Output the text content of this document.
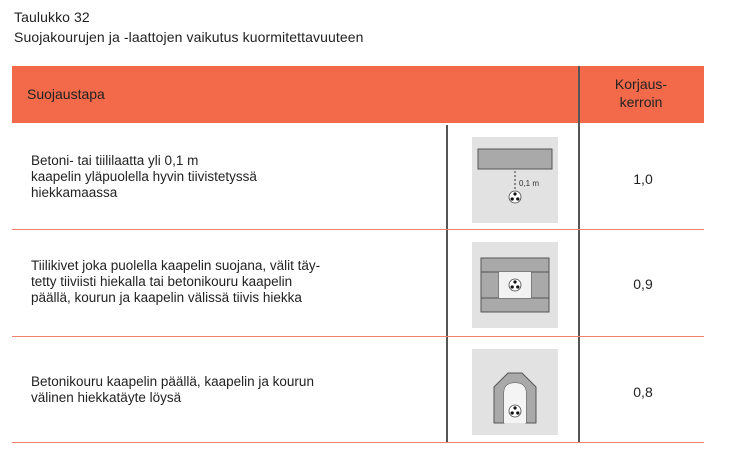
Taulukko 32
Suojakourujen ja -laattojen vaikutus kuormitettavuuteen
Suojaustapa
Korjaus-
kerroin
Betoni- tai tiililaatta yli 0,1 m
kaapelin yläpuolella hyvin tiivistetyssä
hiekkamaassa
0,1 m	1,0
Tiilikivet joka puolella kaapelin suojana, välit täy-
tetty tiiviisti hiekalla tai betonikouru kaapelin
päällä, kourun ja kaapelin välissä tiivis hiekka
0,9
Betonikouru kaapelin päällä, kaapelin ja kourun
välinen hiekkatäyte löysä	0,8
